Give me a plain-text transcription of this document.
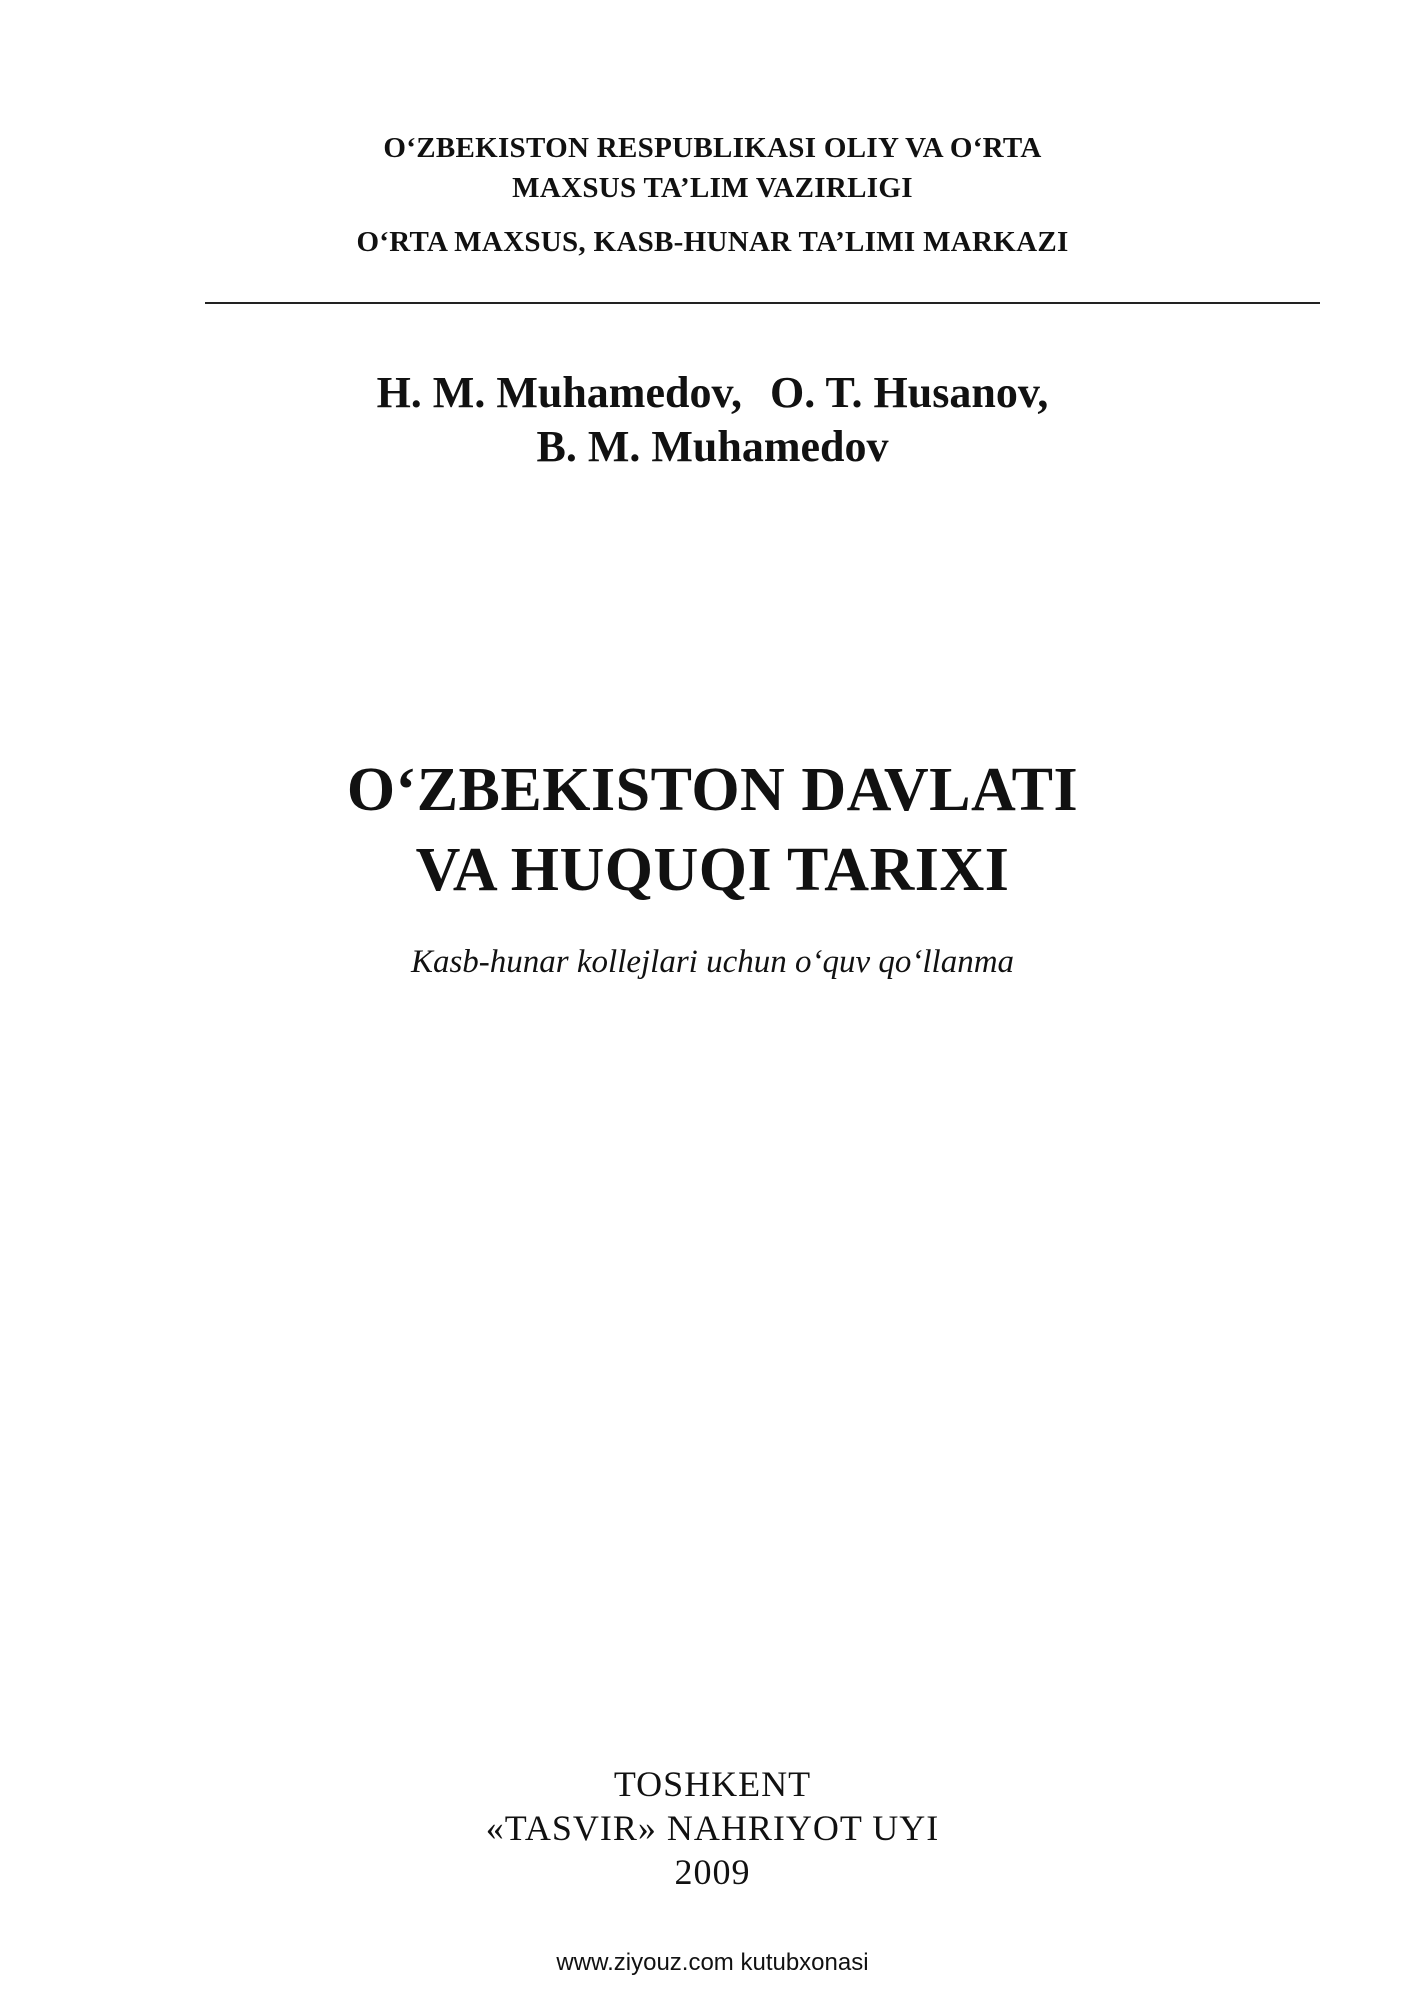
O‘ZBEKISTON RESPUBLIKASI OLIY VA O‘RTA
MAXSUS TA’LIM VAZIRLIGI
O‘RTA MAXSUS, KASB-HUNAR TA’LIMI MARKAZI
H. M. Muhamedov, O. T. Husanov,
B. M. Muhamedov
O‘ZBEKISTON DAVLATI
VA HUQUQI TARIXI
Kasb-hunar kollejlari uchun o‘quv qo‘llanma
TOSHKENT
«TASVIR» NAHRIYOT UYI
2009
www.ziyouz.com kutubxonasi
